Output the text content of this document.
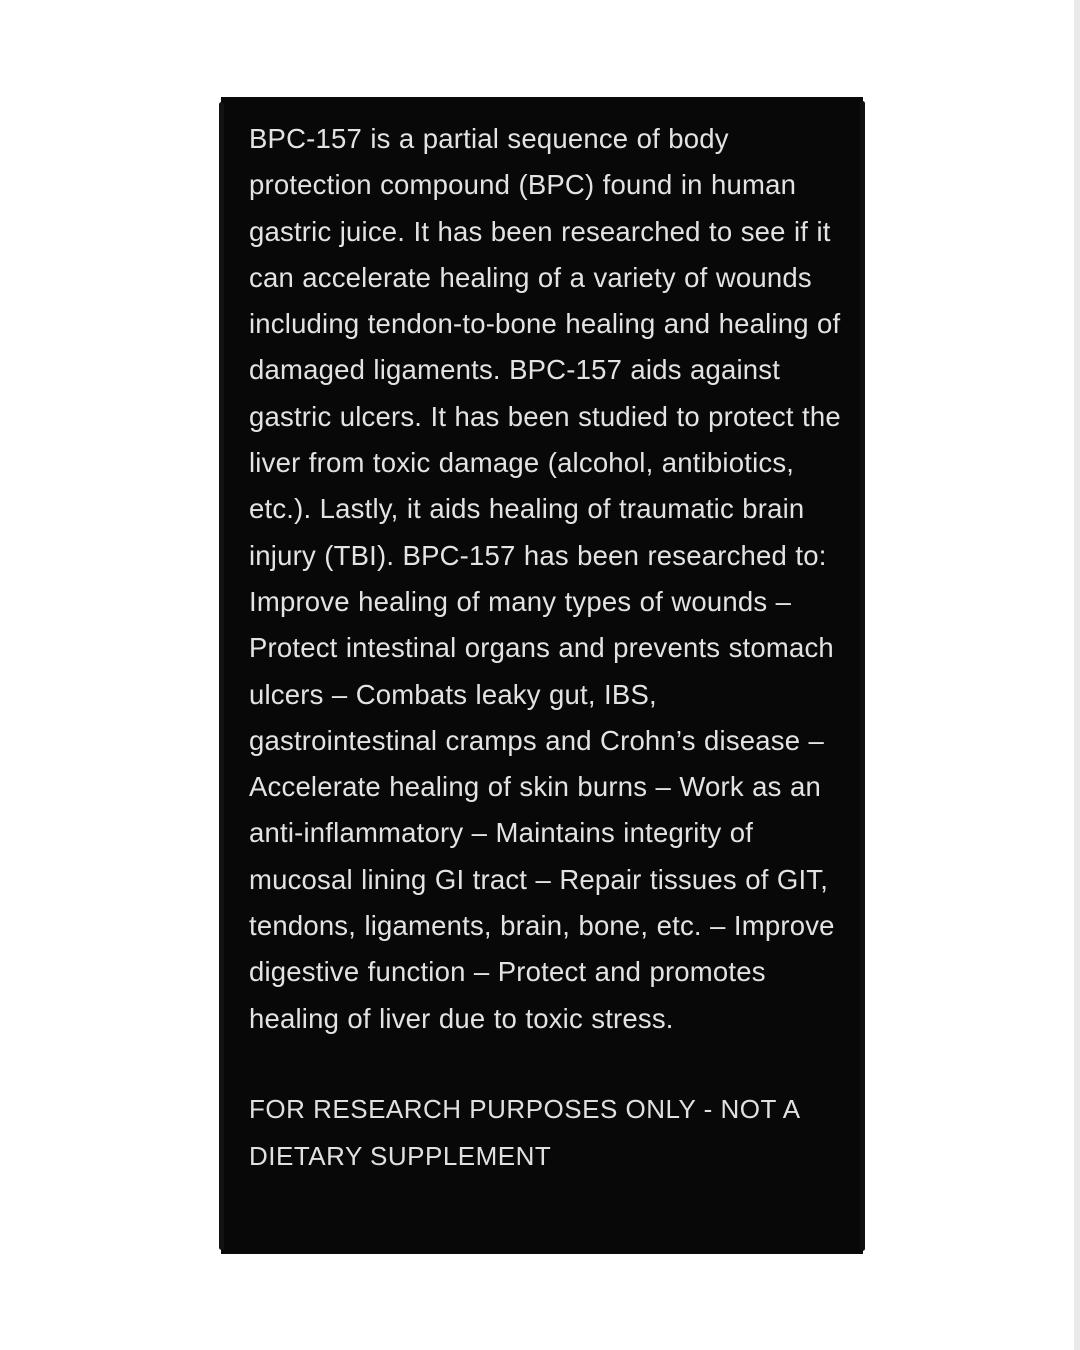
BPC-157 is a partial sequence of body protection compound (BPC) found in human gastric juice. It has been researched to see if it can accelerate healing of a variety of wounds including tendon-to-bone healing and healing of damaged ligaments. BPC-157 aids against gastric ulcers. It has been studied to protect the liver from toxic damage (alcohol, antibiotics, etc.). Lastly, it aids healing of traumatic brain injury (TBI). BPC-157 has been researched to: Improve healing of many types of wounds – Protect intestinal organs and prevents stomach ulcers – Combats leaky gut, IBS, gastrointestinal cramps and Crohn’s disease – Accelerate healing of skin burns – Work as an anti-inflammatory – Maintains integrity of mucosal lining GI tract – Repair tissues of GIT, tendons, ligaments, brain, bone, etc. – Improve digestive function – Protect and promotes healing of liver due to toxic stress.

FOR RESEARCH PURPOSES ONLY - NOT A DIETARY SUPPLEMENT
